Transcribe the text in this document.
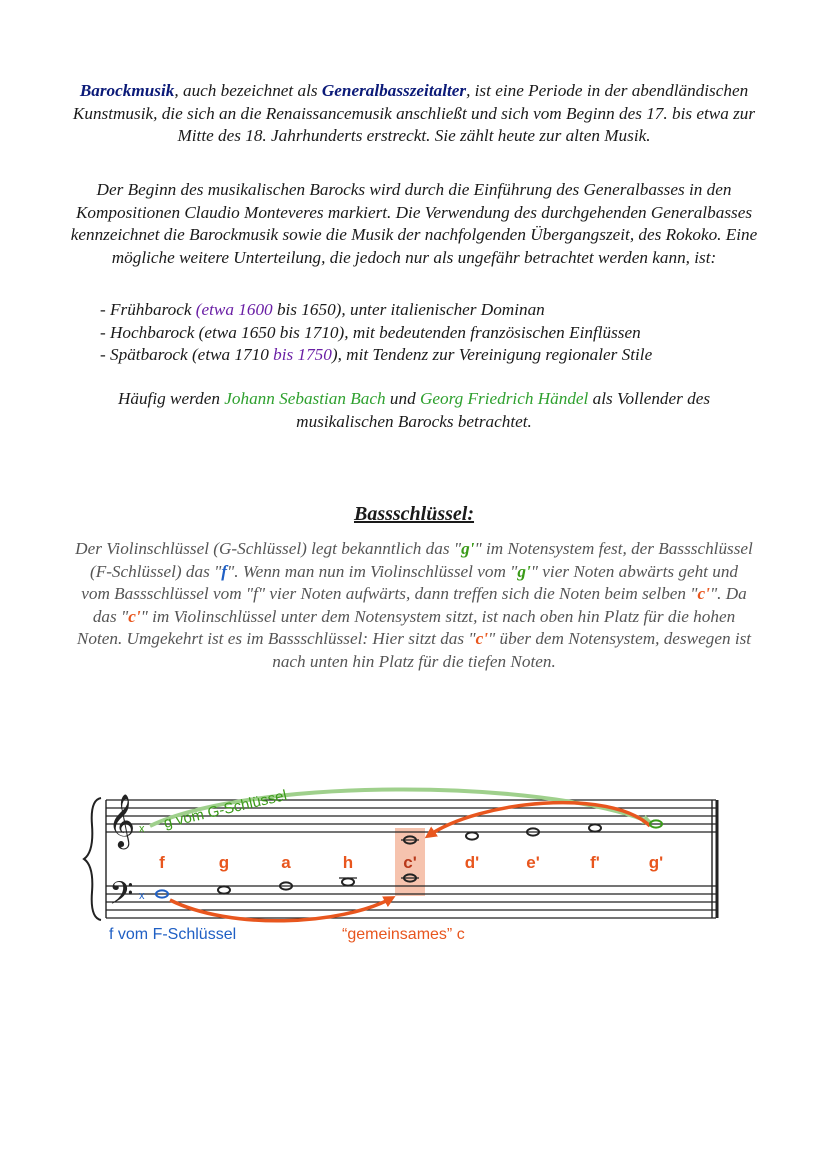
Barockmusik, auch bezeichnet als Generalbasszeitalter, ist eine Periode in der abendländischen Kunstmusik, die sich an die Renaissancemusik anschließt und sich vom Beginn des 17. bis etwa zur Mitte des 18. Jahrhunderts erstreckt. Sie zählt heute zur alten Musik.
Der Beginn des musikalischen Barocks wird durch die Einführung des Generalbasses in den Kompositionen Claudio Monteveres markiert. Die Verwendung des durchgehenden Generalbasses kennzeichnet die Barockmusik sowie die Musik der nachfolgenden Übergangszeit, des Rokoko. Eine mögliche weitere Unterteilung, die jedoch nur als ungefähr betrachtet werden kann, ist:
- Frühbarock (etwa 1600 bis 1650), unter italienischer Dominan
- Hochbarock (etwa 1650 bis 1710), mit bedeutenden französischen Einflüssen
- Spätbarock (etwa 1710 bis 1750), mit Tendenz zur Vereinigung regionaler Stile
Häufig werden Johann Sebastian Bach und Georg Friedrich Händel als Vollender des musikalischen Barocks betrachtet.
Bassschlüssel:
Der Violinschlüssel (G-Schlüssel) legt bekanntlich das "g'" im Notensystem fest, der Bassschlüssel (F-Schlüssel) das "f". Wenn man nun im Violinschlüssel vom "g'" vier Noten abwärts geht und vom Bassschlüssel vom "f" vier Noten aufwärts, dann treffen sich die Noten beim selben "c'". Da das "c'" im Violinschlüssel unter dem Notensystem sitzt, ist nach oben hin Platz für die hohen Noten. Umgekehrt ist es im Bassschlüssel: Hier sitzt das "c'" über dem Notensystem, deswegen ist nach unten hin Platz für die tiefen Noten.
𝄞
𝄢
x
x
g vom G-Schlüssel
f	g	a	h	c'	d'	e'	f'	g'
f vom F-Schlüssel	“gemeinsames” c
